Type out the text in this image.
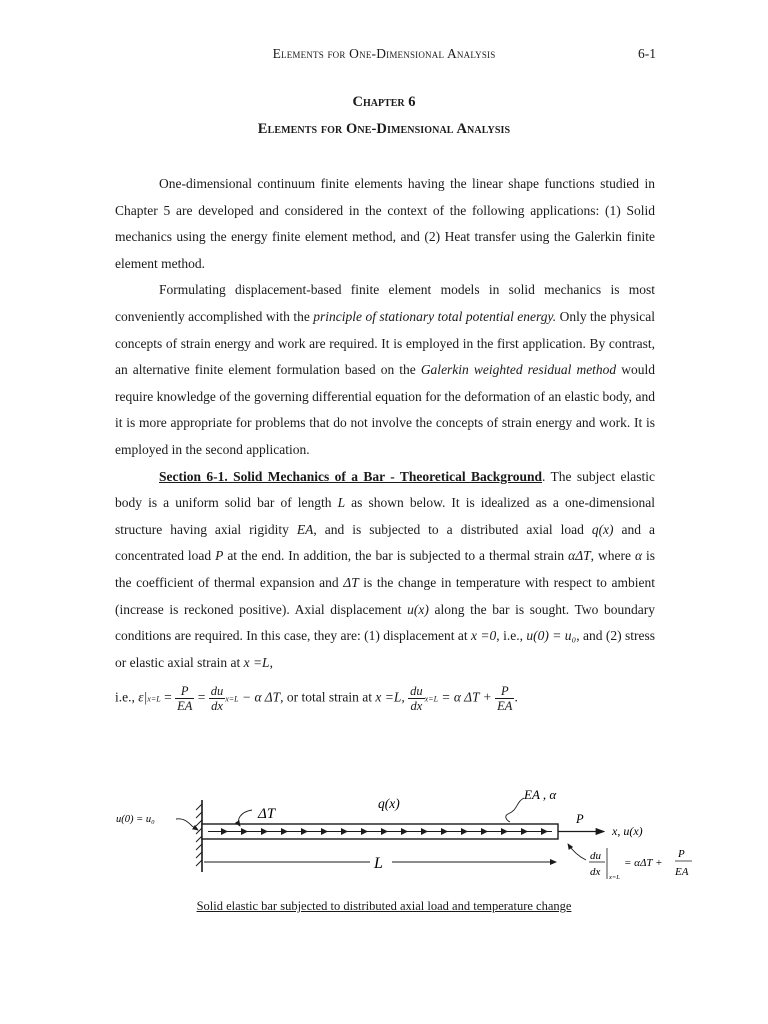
Elements for One-Dimensional Analysis	6-1
Chapter 6
Elements for One-Dimensional Analysis

One-dimensional continuum finite elements having the linear shape functions studied in Chapter 5 are developed and considered in the context of the following applications: (1) Solid mechanics using the energy finite element method, and (2) Heat transfer using the Galerkin finite element method.

Formulating displacement-based finite element models in solid mechanics is most conveniently accomplished with the principle of stationary total potential energy. Only the physical concepts of strain energy and work are required. It is employed in the first application. By contrast, an alternative finite element formulation based on the Galerkin weighted residual method would require knowledge of the governing differential equation for the deformation of an elastic body, and it is more appropriate for problems that do not involve the concepts of strain energy and work. It is employed in the second application.

Section 6-1. Solid Mechanics of a Bar - Theoretical Background. The subject elastic body is a uniform solid bar of length L as shown below. It is idealized as a one-dimensional structure having axial rigidity EA, and is subjected to a distributed axial load q(x) and a concentrated load P at the end. In addition, the bar is subjected to a thermal strain αΔT, where α is the coefficient of thermal expansion and ΔT is the change in temperature with respect to ambient (increase is reckoned positive). Axial displacement u(x) along the bar is sought. Two boundary conditions are required. In this case, they are: (1) displacement at x =0, i.e., u(0) = u₀, and (2) stress or elastic axial strain at x =L,

i.e., $\varepsilon|x=L = \frac{P}{EA} = \frac{du}{dx} x=L - \alpha$ ΔT, or total strain at x =L, $\frac{du}{dx} x=L = \alpha$ $\Delta T + \frac{P}{EA}$ .
u(0) = u₀	ΔT
q(x)
EA , α
P
x, u(x)
L	du
dx x=L
= αΔT +
P
EA
Solid elastic bar subjected to distributed axial load and temperature change
